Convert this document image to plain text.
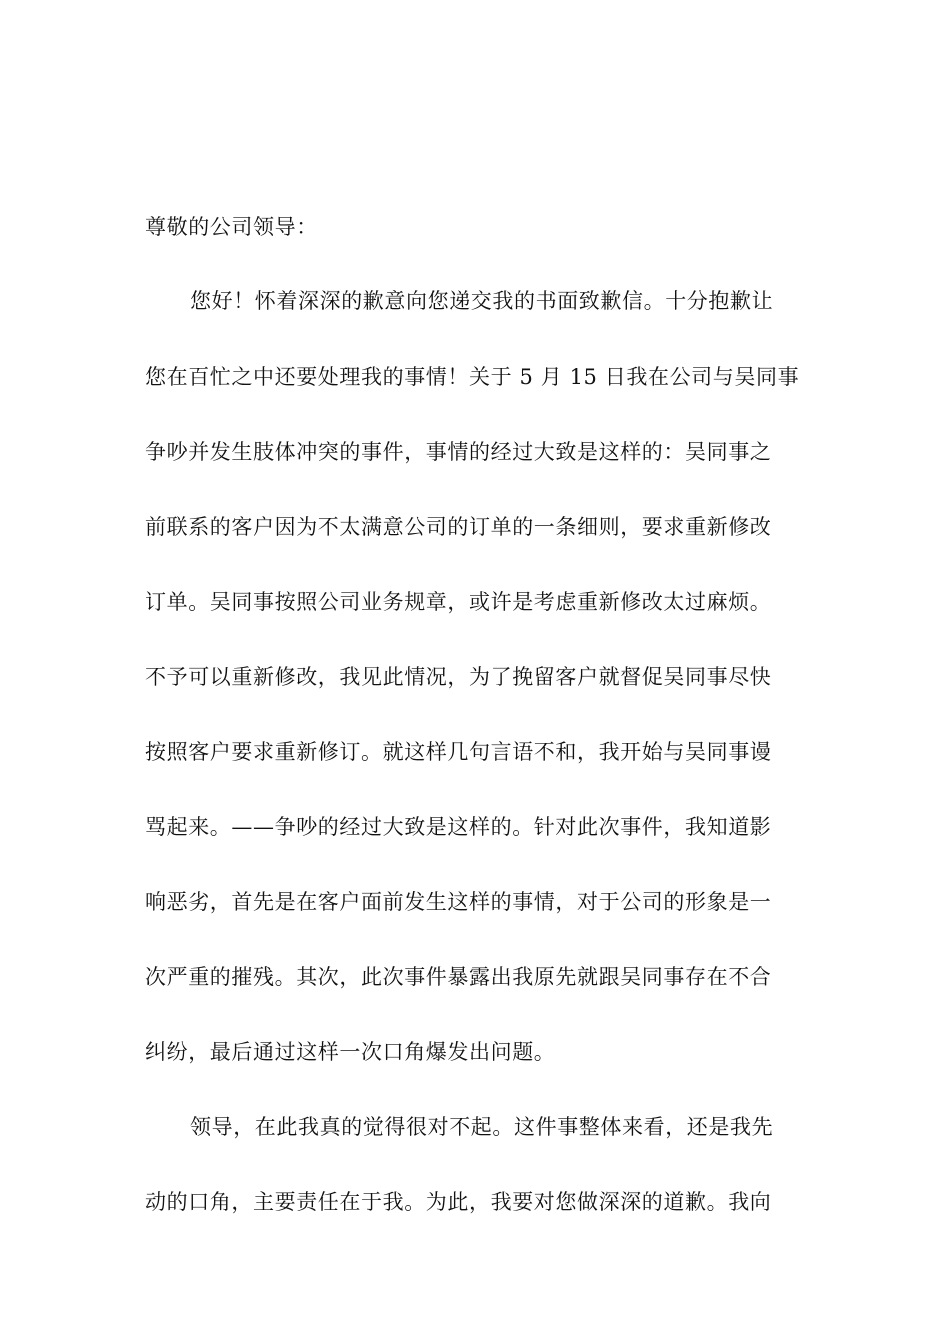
尊敬的公司领导：
您好！怀着深深的歉意向您递交我的书面致歉信。十分抱歉让
您在百忙之中还要处理我的事情！关于 5 月 15 日我在公司与吴同事
争吵并发生肢体冲突的事件，事情的经过大致是这样的：吴同事之
前联系的客户因为不太满意公司的订单的一条细则，要求重新修改
订单。吴同事按照公司业务规章，或许是考虑重新修改太过麻烦。
不予可以重新修改，我见此情况，为了挽留客户就督促吴同事尽快
按照客户要求重新修订。就这样几句言语不和，我开始与吴同事谩
骂起来。——争吵的经过大致是这样的。针对此次事件，我知道影
响恶劣，首先是在客户面前发生这样的事情，对于公司的形象是一
次严重的摧残。其次，此次事件暴露出我原先就跟吴同事存在不合
纠纷，最后通过这样一次口角爆发出问题。
领导，在此我真的觉得很对不起。这件事整体来看，还是我先
动的口角，主要责任在于我。为此，我要对您做深深的道歉。我向
